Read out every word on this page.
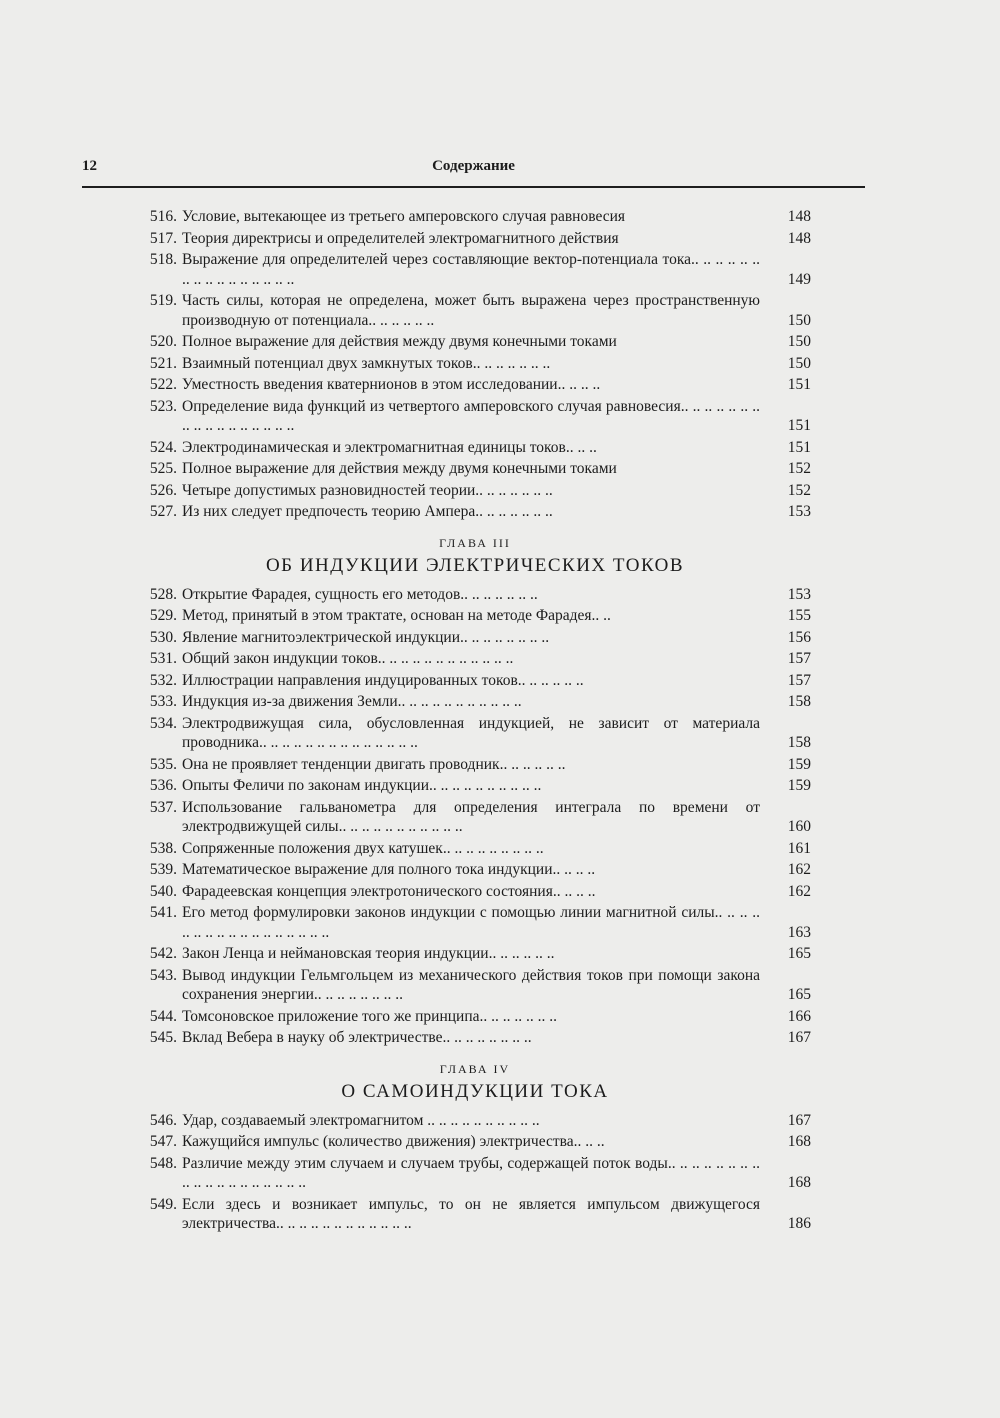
12	Содержание
516. Условие, вытекающее из третьего амперовского случая равновесия	148
517. Теория директрисы и определителей электромагнитного действия	148
518. Выражение для определителей через составляющие вектор-потенциала тока.. .. .. .. .. .. .. .. .. .. .. .. .. .. .. ..	149
519. Часть силы, которая не определена, может быть выражена через пространственную производную от потенциала.. .. .. .. .. ..	150
520. Полное выражение для действия между двумя конечными токами	150
521. Взаимный потенциал двух замкнутых токов.. .. .. .. .. .. ..	150
522. Уместность введения кватернионов в этом исследовании.. .. .. ..	151
523. Определение вида функций из четвертого амперовского случая равновесия.. .. .. .. .. .. .. .. .. .. .. .. .. .. .. .. ..	151
524. Электродинамическая и электромагнитная единицы токов.. .. ..	151
525. Полное выражение для действия между двумя конечными токами	152
526. Четыре допустимых разновидностей теории.. .. .. .. .. .. ..	152
527. Из них следует предпочесть теорию Ампера.. .. .. .. .. .. ..	153
ГЛАВА III
ОБ ИНДУКЦИИ ЭЛЕКТРИЧЕСКИХ ТОКОВ
528. Открытие Фарадея, сущность его методов.. .. .. .. .. .. ..	153
529. Метод, принятый в этом трактате, основан на методе Фарадея.. ..	155
530. Явление магнитоэлектрической индукции.. .. .. .. .. .. .. ..	156
531. Общий закон индукции токов.. .. .. .. .. .. .. .. .. .. .. ..	157
532. Иллюстрации направления индуцированных токов.. .. .. .. .. ..	157
533. Индукция из-за движения Земли.. .. .. .. .. .. .. .. .. .. ..	158
534. Электродвижущая сила, обусловленная индукцией, не зависит от материала проводника.. .. .. .. .. .. .. .. .. .. .. .. .. ..	158
535. Она не проявляет тенденции двигать проводник.. .. .. .. .. ..	159
536. Опыты Феличи по законам индукции.. .. .. .. .. .. .. .. .. ..	159
537. Использование гальванометра для определения интеграла по времени от электродвижущей силы.. .. .. .. .. .. .. .. .. .. ..	160
538. Сопряженные положения двух катушек.. .. .. .. .. .. .. .. ..	161
539. Математическое выражение для полного тока индукции.. .. .. ..	162
540. Фарадеевская концепция электротонического состояния.. .. .. ..	162
541. Его метод формулировки законов индукции с помощью линии магнитной силы.. .. .. .. .. .. .. .. .. .. .. .. .. .. .. .. ..	163
542. Закон Ленца и неймановская теория индукции.. .. .. .. .. ..	165
543. Вывод индукции Гельмгольцем из механического действия токов при помощи закона сохранения энергии.. .. .. .. .. .. .. ..	165
544. Томсоновское приложение того же принципа.. .. .. .. .. .. ..	166
545. Вклад Вебера в науку об электричестве.. .. .. .. .. .. .. ..	167
ГЛАВА IV
О САМОИНДУКЦИИ ТОКА
546. Удар, создаваемый электромагнитом .. .. .. .. .. .. .. .. .. ..	167
547. Кажущийся импульс (количество движения) электричества.. .. ..	168
548. Различие между этим случаем и случаем трубы, содержащей поток воды.. .. .. .. .. .. .. .. .. .. .. .. .. .. .. .. .. .. ..	168
549. Если здесь и возникает импульс, то он не является импульсом движущегося электричества.. .. .. .. .. .. .. .. .. .. .. ..	186
